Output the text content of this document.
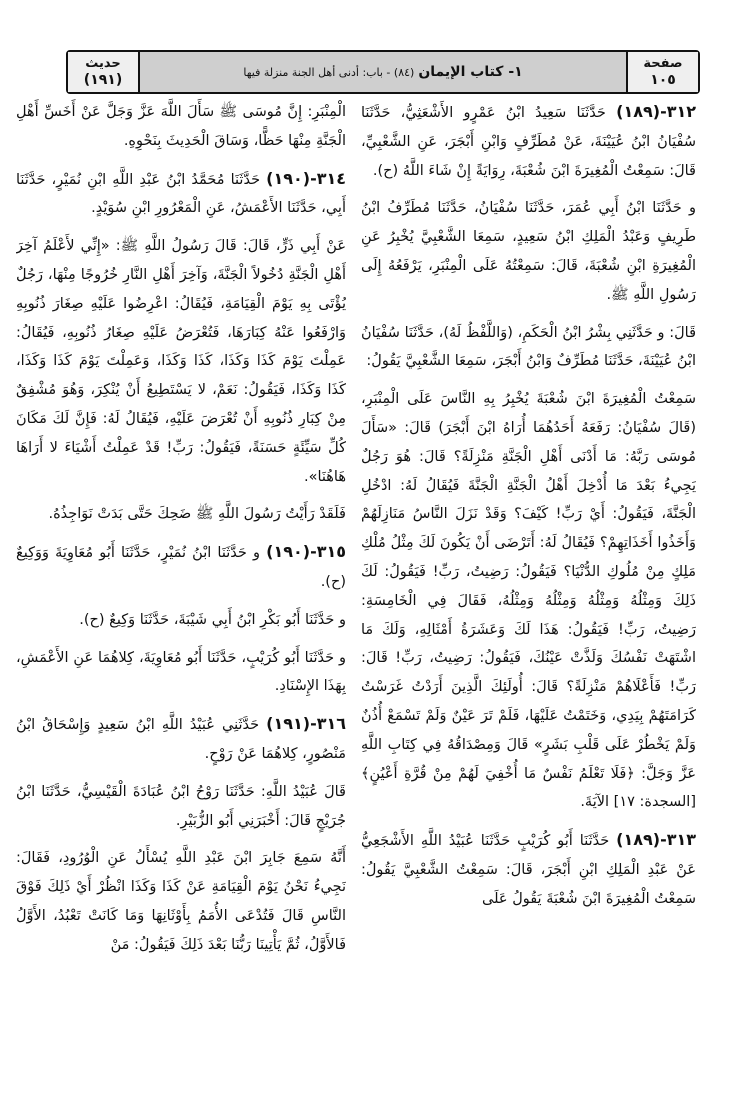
صفحة
١٠٥
١- كتاب الإيمان
(٨٤) - باب: أدنى أهل الجنة منزلة فيها
حديث
(١٩١)

٣١٢-(١٨٩) حَدَّثَنَا سَعِيدُ ابْنُ عَمْرٍو الأَشْعَثِيُّ، حَدَّثَنَا سُفْيَانُ ابْنُ عُيَيْنَةَ، عَنْ مُطَرِّفٍ وَابْنِ أَبْجَرَ، عَنِ الشَّعْبِيِّ، قَالَ: سَمِعْتُ الْمُغِيرَةَ ابْنَ شُعْبَةَ، رِوَايَةً إِنْ شَاءَ اللَّهُ (ح).

و حَدَّثَنَا ابْنُ أَبِي عُمَرَ، حَدَّثَنَا سُفْيَانُ، حَدَّثَنَا مُطَرِّفُ ابْنُ طَرِيفٍ وَعَبْدُ الْمَلِكِ ابْنُ سَعِيدٍ، سَمِعَا الشَّعْبِيَّ يُخْبِرُ عَنِ الْمُغِيرَةِ ابْنِ شُعْبَةَ، قَالَ: سَمِعْتُهُ عَلَى الْمِنْبَرِ، يَرْفَعُهُ إِلَى رَسُولِ اللَّهِ ﷺ.

قَالَ: و حَدَّثَنِي بِشْرُ ابْنُ الْحَكَمِ، (وَاللَّفْظُ لَهُ)، حَدَّثَنَا سُفْيَانُ ابْنُ عُيَيْنَةَ، حَدَّثَنَا مُطَرِّفٌ وَابْنُ أَبْجَرَ، سَمِعَا الشَّعْبِيَّ يَقُولُ:

سَمِعْتُ الْمُغِيرَةَ ابْنَ شُعْبَةَ يُخْبِرُ بِهِ النَّاسَ عَلَى الْمِنْبَرِ، (قَالَ سُفْيَانُ: رَفَعَهُ أَحَدُهُمَا أُرَاهُ ابْنَ أَبْجَرَ) قَالَ: «سَأَلَ مُوسَى رَبَّهُ: مَا أَدْنَى أَهْلِ الْجَنَّةِ مَنْزِلَةً؟ قَالَ: هُوَ رَجُلٌ يَجِيءُ بَعْدَ مَا أُدْخِلَ أَهْلُ الْجَنَّةِ الْجَنَّةَ فَيُقَالُ لَهُ: ادْخُلِ الْجَنَّةَ، فَيَقُولُ: أَيْ رَبِّ! كَيْفَ؟ وَقَدْ نَزَلَ النَّاسُ مَنَازِلَهُمْ وَأَخَذُوا أَخَذَاتِهِمْ؟ فَيُقَالُ لَهُ: أَتَرْضَى أَنْ يَكُونَ لَكَ مِثْلُ مُلْكِ مَلِكٍ مِنْ مُلُوكِ الدُّنْيَا؟ فَيَقُولُ: رَضِيتُ، رَبِّ! فَيَقُولُ: لَكَ ذَلِكَ وَمِثْلُهُ وَمِثْلُهُ وَمِثْلُهُ وَمِثْلُهُ، فَقَالَ فِي الْخَامِسَةِ: رَضِيتُ، رَبِّ! فَيَقُولُ: هَذَا لَكَ وَعَشَرَةُ أَمْثَالِهِ، وَلَكَ مَا اشْتَهَتْ نَفْسُكَ وَلَذَّتْ عَيْنُكَ، فَيَقُولُ: رَضِيتُ، رَبِّ! قَالَ: رَبِّ! فَأَعْلَاهُمْ مَنْزِلَةً؟ قَالَ: أُولَئِكَ الَّذِينَ أَرَدْتُ غَرَسْتُ كَرَامَتَهُمْ بِيَدِي، وَخَتَمْتُ عَلَيْهَا، فَلَمْ تَرَ عَيْنٌ وَلَمْ تَسْمَعْ أُذُنٌ وَلَمْ يَخْطُرْ عَلَى قَلْبِ بَشَرٍ» قَالَ وَمِصْدَاقُهُ فِي كِتَابِ اللَّهِ عَزَّ وَجَلَّ: ﴿فَلَا تَعْلَمُ نَفْسٌ مَا أُخْفِيَ لَهُمْ مِنْ قُرَّةِ أَعْيُنٍ﴾ [السجدة: ١٧] الآيَةَ.

٣١٣-(١٨٩) حَدَّثَنَا أَبُو كُرَيْبٍ حَدَّثَنَا عُبَيْدُ اللَّهِ الأَشْجَعِيُّ عَنْ عَبْدِ الْمَلِكِ ابْنِ أَبْجَرَ، قَالَ: سَمِعْتُ الشَّعْبِيَّ يَقُولُ: سَمِعْتُ الْمُغِيرَةَ ابْنَ شُعْبَةَ يَقُولُ عَلَى

الْمِنْبَرِ: إِنَّ مُوسَى ﷺ سَأَلَ اللَّهَ عَزَّ وَجَلَّ عَنْ أَخَسِّ أَهْلِ الْجَنَّةِ مِنْهَا حَظًّا، وَسَاقَ الْحَدِيثَ بِنَحْوِهِ.

٣١٤-(١٩٠) حَدَّثَنَا مُحَمَّدُ ابْنُ عَبْدِ اللَّهِ ابْنِ نُمَيْرٍ، حَدَّثَنَا أَبِي، حَدَّثَنَا الأَعْمَشُ، عَنِ الْمَعْرُورِ ابْنِ سُوَيْدٍ.

عَنْ أَبِي ذَرٍّ، قَالَ: قَالَ رَسُولُ اللَّهِ ﷺ: «إِنِّي لأَعْلَمُ آخِرَ أَهْلِ الْجَنَّةِ دُخُولاً الْجَنَّةَ، وَآخِرَ أَهْلِ النَّارِ خُرُوجًا مِنْهَا، رَجُلٌ يُؤْتَى بِهِ يَوْمَ الْقِيَامَةِ، فَيُقَالُ: اعْرِضُوا عَلَيْهِ صِغَارَ ذُنُوبِهِ وَارْفَعُوا عَنْهُ كِبَارَهَا، فَتُعْرَضُ عَلَيْهِ صِغَارُ ذُنُوبِهِ، فَيُقَالُ: عَمِلْتَ يَوْمَ كَذَا وَكَذَا، كَذَا وَكَذَا، وَعَمِلْتَ يَوْمَ كَذَا وَكَذَا، كَذَا وَكَذَا، فَيَقُولُ: نَعَمْ، لا يَسْتَطِيعُ أَنْ يُنْكِرَ، وَهُوَ مُشْفِقٌ مِنْ كِبَارِ ذُنُوبِهِ أَنْ تُعْرَضَ عَلَيْهِ، فَيُقَالُ لَهُ: فَإِنَّ لَكَ مَكَانَ كُلِّ سَيِّئَةٍ حَسَنَةً، فَيَقُولُ: رَبِّ! قَدْ عَمِلْتُ أَشْيَاءَ لا أَرَاهَا هَاهُنَا».

فَلَقَدْ رَأَيْتُ رَسُولَ اللَّهِ ﷺ ضَحِكَ حَتَّى بَدَتْ نَوَاجِذُهُ.

٣١٥-(١٩٠) و حَدَّثَنَا ابْنُ نُمَيْرٍ، حَدَّثَنَا أَبُو مُعَاوِيَةَ وَوَكِيعٌ (ح).

و حَدَّثَنَا أَبُو بَكْرِ ابْنُ أَبِي شَيْبَةَ، حَدَّثَنَا وَكِيعٌ (ح).

و حَدَّثَنَا أَبُو كُرَيْبٍ، حَدَّثَنَا أَبُو مُعَاوِيَةَ، كِلاهُمَا عَنِ الأَعْمَشِ، بِهَذَا الإِسْنَادِ.

٣١٦-(١٩١) حَدَّثَنِي عُبَيْدُ اللَّهِ ابْنُ سَعِيدٍ وَإِسْحَاقُ ابْنُ مَنْصُورٍ، كِلاهُمَا عَنْ رَوْحٍ.

قَالَ عُبَيْدُ اللَّهِ: حَدَّثَنَا رَوْحُ ابْنُ عُبَادَةَ الْقَيْسِيُّ، حَدَّثَنَا ابْنُ جُرَيْجٍ قَالَ: أَخْبَرَنِي أَبُو الزُّبَيْرِ.

أَنَّهُ سَمِعَ جَابِرَ ابْنَ عَبْدِ اللَّهِ يُسْأَلُ عَنِ الْوُرُودِ، فَقَالَ: نَجِيءُ نَحْنُ يَوْمَ الْقِيَامَةِ عَنْ كَذَا وَكَذَا انْظُرْ أَيْ ذَلِكَ فَوْقَ النَّاسِ قَالَ فَتُدْعَى الأُمَمُ بِأَوْثَانِهَا وَمَا كَانَتْ تَعْبُدُ، الأَوَّلُ فَالأَوَّلُ، ثُمَّ يَأْتِينَا رَبُّنَا بَعْدَ ذَلِكَ فَيَقُولُ: مَنْ
